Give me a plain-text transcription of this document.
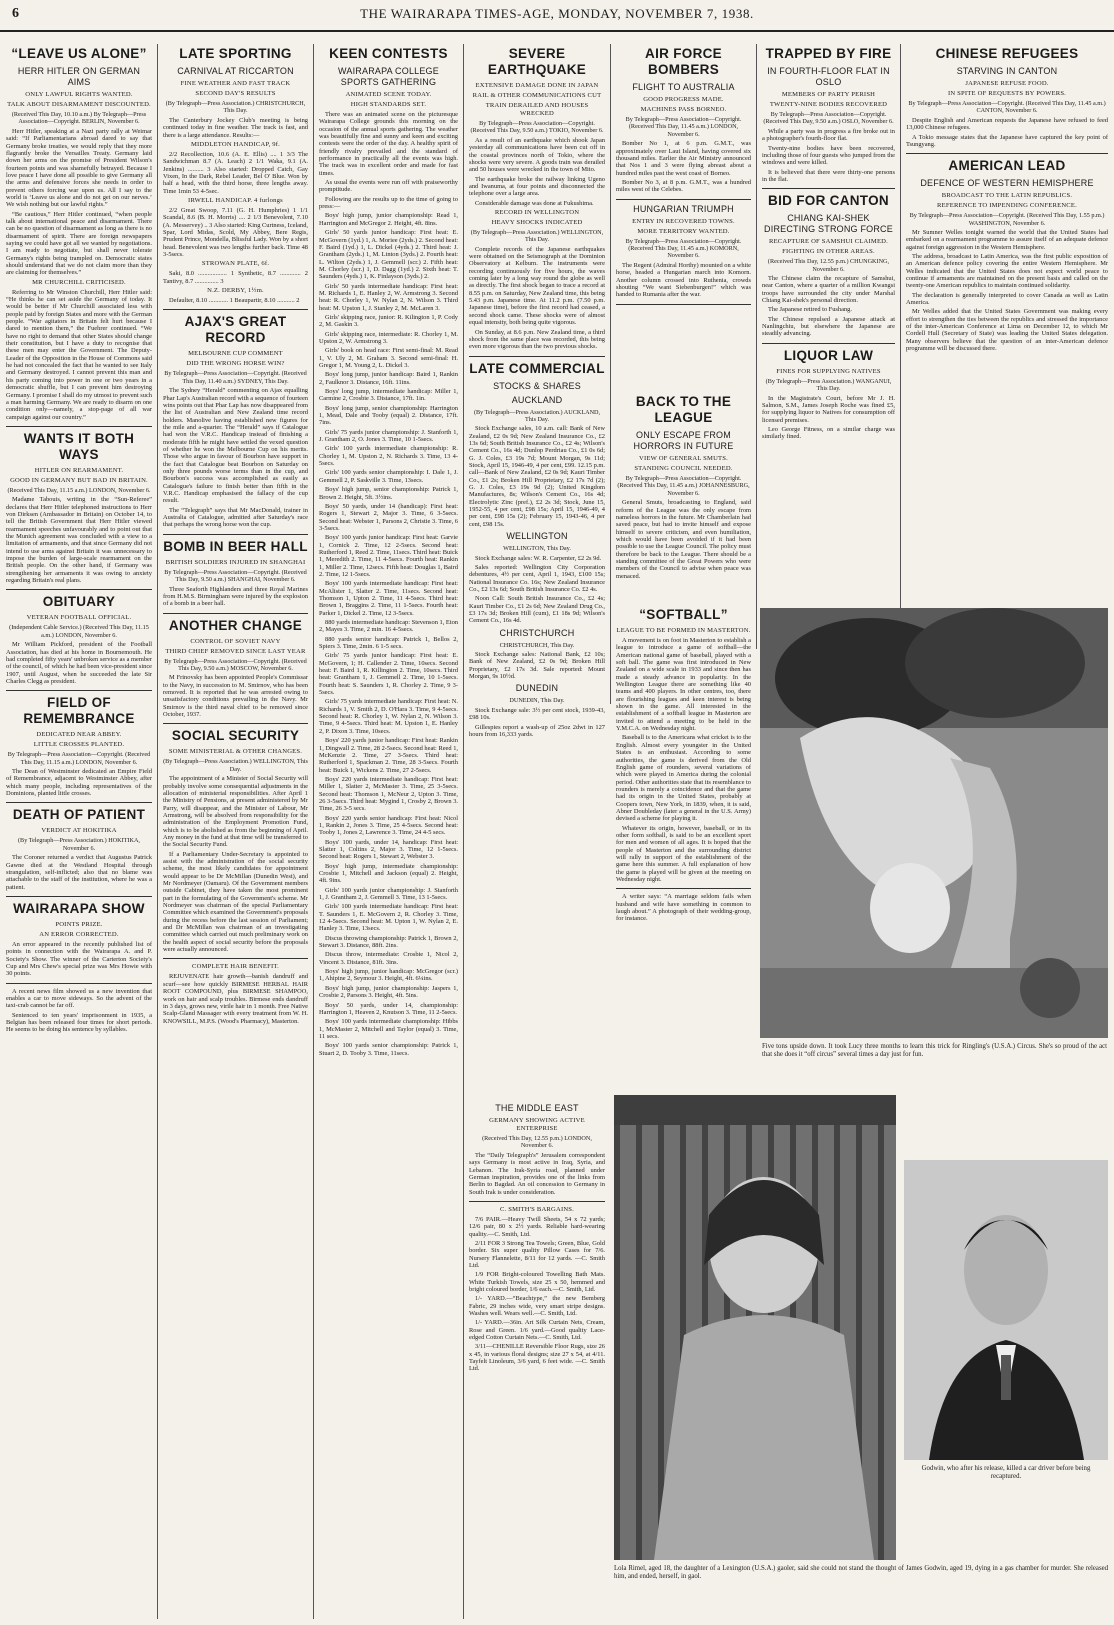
6	THE WAIRARAPA TIMES-AGE, MONDAY, NOVEMBER 7, 1938.
“LEAVE US ALONE”
HERR HITLER ON GERMAN AIMS
ONLY LAWFUL RIGHTS WANTED.
TALK ABOUT DISARMAMENT DISCOUNTED.
(Received This Day, 10.10 a.m.) By Telegraph—Press Association—Copyright. BERLIN, November 6.

Herr Hitler, speaking at a Nazi party rally at Weimar said: “If Parliamentarians abroad dared to say that Germany broke treaties, we would reply that they more flagrantly broke the Versailles Treaty. Germany laid down her arms on the promise of President Wilson's fourteen points and was shamefully betrayed. Because I love peace I have done all possible to give Germany all the arms and defensive forces she needs in order to prevent others forcing war upon us. All I say to the world is ‘Leave us alone and do not get on our nerves.’ We wish nothing but our lawful rights.”

“Be cautious,” Herr Hitler continued, “when people talk about international peace and disarmament. There can be no question of disarmament as long as there is no disarmament of spirit. There are foreign newspapers saying we could have got all we wanted by negotiations. I am ready to negotiate, but shall never tolerate Germany's rights being trampled on. Democratic states should understand that we do not claim more than they are claiming for themselves.”

MR CHURCHILL CRITICISED.

Referring to Mr Winston Churchill, Herr Hitler said: “He thinks he can set aside the Germany of today. It would be better if Mr Churchill associated less with people paid by foreign States and more with the German people. “War agitators in Britain felt hurt because I dared to mention them,” the Fuehrer continued. “We have no right to demand that other States should change their constitution, but I have a duty to recognise that these men may enter the Government. The Deputy-Leader of the Opposition in the House of Commons said he had not concealed the fact that he wanted to see Italy and Germany destroyed. I cannot prevent this man and his party coming into power in one or two years in a democratic shuffle, but I can prevent him destroying Germany. I promise I shall do my utmost to prevent such a man harming Germany. We are ready to disarm on one condition only—namely, a stop-page of all war campaign against our country.”

WANTS IT BOTH WAYS
HITLER ON REARMAMENT.
GOOD IN GERMANY BUT BAD IN BRITAIN.
(Received This Day, 11.15 a.m.) LONDON, November 6.

Madame Tabouis, writing in the “Sun-Referee” declares that Herr Hitler telephoned instructions to Herr von Dirksen (Ambassador in Britain) on October 14, to tell the British Government that Herr Hitler viewed rearmament speeches unfavourably and to point out that the Munich agreement was concluded with a view to a limitation of armaments, and that since Germany did not intend to use arms against Britain it was unnecessary to impose the burden of large-scale rearmament on the British people. On the other hand, if Germany was strengthening her armaments it was owing to anxiety regarding Britain's real plans.

OBITUARY
VETERAN FOOTBALL OFFICIAL.
(Independent Cable Service.) (Received This Day, 11.15 a.m.) LONDON, November 6.

Mr William Pickford, president of the Football Association, has died at his home in Bournemouth. He had completed fifty years' unbroken service as a member of the council, of which he had been vice-president since 1907, until August, when he succeeded the late Sir Charles Clegg as president.

FIELD OF REMEMBRANCE
DEDICATED NEAR ABBEY.
LITTLE CROSSES PLANTED.
By Telegraph—Press Association—Copyright. (Received This Day, 11.15 a.m.) LONDON, November 6.

The Dean of Westminster dedicated an Empire Field of Remembrance, adjacent to Westminster Abbey, after which many people, including representatives of the Dominions, planted little crosses.

DEATH OF PATIENT
VERDICT AT HOKITIKA
(By Telegraph—Press Association.) HOKITIKA, November 6.

The Coroner returned a verdict that Augustus Patrick Gawne died at the Westland Hospital through strangulation, self-inflicted; also that no blame was attachable to the staff of the institution, where he was a patient.

WAIRARAPA SHOW
POINTS PRIZE.
AN ERROR CORRECTED.

An error appeared in the recently published list of points in connection with the Wairarapa A. and P. Society's Show. The winner of the Carterton Society's Cup and Mrs Chew's special prize was Mrs Howie with 30 points.

A recent news film showed us a new invention that enables a car to move sideways. So the advent of the taxi-crab cannot be far off.

Sentenced to ten years' imprisonment in 1935, a Belgian has been released four times for short periods. He seems to be doing his sentence by syllables.

LATE SPORTING
CARNIVAL AT RICCARTON
FINE WEATHER AND FAST TRACK
SECOND DAY'S RESULTS
(By Telegraph—Press Association.) CHRISTCHURCH, This Day.

The Canterbury Jockey Club's meeting is being continued today in fine weather. The track is fast, and there is a large attendance. Results:—

MIDDLETON HANDICAP, 9f.

2/2 Recollection, 10.6 (A. E. Ellis) .... 1 3/3 The Sandwichman 8.7 (A. Leach) 2 1/1 Waka, 9.1 (A. Jenkins) .......... 3 Also started: Dropped Catch, Gay Vixen, In the Dark, Rebel Leader, Bel O' Blue. Won by half a head, with the third horse, three lengths away. Time 1min 53 4-5sec.

IRWELL HANDICAP. 4 furlongs

2/2 Great Swoop, 7.11 (G. H. Humphries) 1 1/1 Scandal, 8.6 (B. H. Morris) .... 2 1/3 Benevolent, 7.10 (A. Messervey) .. 3 Also started: King Curtness, Iceland, Spar, Lord Midas, Scold, My Abbey, Bere Regis, Prudent Prince, Mondella, Blissful Lady. Won by a short head. Benevolent was two lengths further back. Time 48 3-5secs.

STROWAN PLATE, 6f.

Saki, 8.0 .................. 1 Synthetic, 8.7 ............. 2 Tantivy, 8.7 ............... 3

N.Z. DERBY, 1½m.

Defaulter, 8.10 ............ 1 Beaupartir, 8.10 ........... 2

AJAX'S GREAT RECORD
MELBOURNE CUP COMMENT
DID THE WRONG HORSE WIN?
By Telegraph—Press Association—Copyright. (Received This Day, 11.40 a.m.) SYDNEY, This Day.

The Sydney “Herald” commenting on Ajax equalling Phar Lap's Australian record with a sequence of fourteen wins points out that Phar Lap has now disappeared from the list of Australian and New Zealand time record holders. Manolive having established new figures for the mile and a-quarter. The “Herald” says if Catalogue had won the V.R.C. Handicap instead of finishing a moderate fifth he might have settled the vexed question of whether he won the Melbourne Cup on his merits. Those who argue in favour of Bourbon have support in the fact that Catalogue beat Bourbon on Saturday on only three pounds worse terms than in the cup, and Bourbon's success was accomplished as easily as Catalogue's failure to finish better than fifth in the V.R.C. Handicap emphasised the fallacy of the cup result.

The “Telegraph” says that Mr MacDonald, trainer in Australia of Catalogue, admitted after Saturday's race that perhaps the wrong horse won the cup.

BOMB IN BEER HALL
BRITISH SOLDIERS INJURED IN SHANGHAI
By Telegraph—Press Association—Copyright. (Received This Day, 9.50 a.m.) SHANGHAI, November 6.

Three Seaforth Highlanders and three Royal Marines from H.M.S. Birmingham were injured by the explosion of a bomb in a beer hall.

ANOTHER CHANGE
CONTROL OF SOVIET NAVY
THIRD CHIEF REMOVED SINCE LAST YEAR
By Telegraph—Press Association—Copyright. (Received This Day, 9.50 a.m.) MOSCOW, November 6.

M Frinovsky has been appointed People's Commissar to the Navy, in succession to M. Smirnov, who has been removed. It is reported that he was arrested owing to unsatisfactory conditions prevailing in the Navy. Mr Smirnov is the third naval chief to be removed since October, 1937.

SOCIAL SECURITY
SOME MINISTERIAL & OTHER CHANGES.
(By Telegraph—Press Association.) WELLINGTON, This Day.

The appointment of a Minister of Social Security will probably involve some consequential adjustments in the allocation of ministerial responsibilities. After April 1 the Ministry of Pensions, at present administered by Mr Parry, will disappear, and the Minister of Labour, Mr Armstrong, will be absolved from responsibility for the administration of the Employment Promotion Fund, which is to be abolished as from the beginning of April. Any money in the fund at that time will be transferred to the Social Security Fund.

If a Parliamentary Under-Secretary is appointed to assist with the administration of the social security scheme, the most likely candidates for appointment would appear to be Dr McMillan (Dunedin West), and Mr Nordmeyer (Oamaru). Of the Government members outside Cabinet, they have taken the most prominent part in the formulating of the Government's scheme. Mr Nordmeyer was chairman of the special Parliamentary Committee which examined the Government's proposals during the recess before the last session of Parliament; and Dr McMillan was chairman of an investigating committee which carried out much preliminary work on the health aspect of social security before the proposals were actually announced.

COMPLETE HAIR BENEFIT.

REJUVENATE hair growth—banish dandruff and scurf—see how quickly BIRMESE HERBAL HAIR ROOT COMPOUND, plus BIRMESE SHAMPOO, work on hair and scalp troubles. Birmese ends dandruff in 3 days, grows new, virile hair in 1 month. Free Native Scalp-Gland Massager with every treatment from W. H. KNOWSILL, M.P.S. (Wood's Pharmacy), Masterton.

KEEN CONTESTS
WAIRARAPA COLLEGE SPORTS GATHERING
ANIMATED SCENE TODAY.
HIGH STANDARDS SET.

There was an animated scene on the picturesque Wairarapa College grounds this morning on the occasion of the annual sports gathering. The weather was beautifully fine and sunny and keen and exciting contests were the order of the day. A healthy spirit of friendly rivalry prevailed and the standard of performance in practically all the events was high. The track was in excellent order and made for fast times.

As usual the events were run off with praiseworthy promptitude.

Following are the results up to the time of going to press:—

Boys' high jump, junior championship: Read 1, Harrington and McGregor 2. Height, 4ft. 8ins.

Girls' 50 yards junior handicap: First heat: E. McGovern (1yd.) 1, A. Moriee (2yds.) 2. Second heat: F. Baird (1yd.) 1, L. Dickel (4yds.) 2. Third heat: J. Grantham (2yds.) 1, M. Linton (3yds.) 2. Fourth heat: L. Wilton (2yds.) 1, J. Gemmell (scr.) 2. Fifth heat: M. Chorley (scr.) 1, D. Dagg (1yd.) 2. Sixth heat: T. Saunders (4yds.) 1, K. Finlayson (3yds.) 2.

Girls' 50 yards intermediate handicap: First heat: M. Richards 1, E. Hanley 2, W. Armstrong 3. Second heat: R. Chorley 1, W. Nylan 2, N. Wilson 3. Third heat: M. Upston 1, J. Stanley 2, M. McLaren 3.

Girls' skipping race, junior: R. Kilington 1, P. Cody 2, M. Gaskin 3.

Girls' skipping race, intermediate: R. Chorley 1, M. Upston 2, W. Armstrong 3.

Girls' book on head race: First semi-final: M. Read 1, V. Uly 2, M. Graham 3. Second semi-final: H. Gregor 1, M. Young 2, L. Dickel 3.

Boys' long jump, junior handicap: Baird 1, Rankin 2, Faulknor 3. Distance, 16ft. 11ins.

Boys' long jump, intermediate handicap: Miller 1, Carmine 2, Crosbie 3. Distance, 17ft. 1in.

Boys' long jump, senior championship: Harrington 1, Mead, Dale and Tooby (equal) 2. Distance, 17ft. 7ins.

Girls' 75 yards junior championship: J. Stanforth 1, J. Grantham 2, O. Jones 3. Time, 10 1-5secs.

Girls' 100 yards intermediate championship: R. Chorley 1, M. Upston 2, N. Richards 3. Time, 13 4-5secs.

Girls' 100 yards senior championship: I. Dale 1, J. Gemmell 2, P. Saskville 3. Time, 13secs.

Boys' high jump, senior championship: Patrick 1, Brown 2. Height, 5ft. 3½ins.

Boys' 50 yards, under 14 (handicap): First heat: Rogers 1, Stewart 2, Major 3. Time, 6 3-5secs. Second heat: Webster 1, Parsons 2, Christie 3. Time, 6 3-5secs.

Boys' 100 yards junior handicap: First heat: Garvie 1, Cornick 2. Time, 12 2-5secs. Second heat: Rutherford 1, Reed 2. Time, 11secs. Third heat: Buick 1, Meredith 2. Time, 11 4-5secs. Fourth heat: Rankin 1, Miller 2. Time, 12secs. Fifth heat: Douglas 1, Baird 2. Time, 12 1-5secs.

Boys' 100 yards intermediate handicap: First heat: McAlister 1, Slatter 2. Time, 11secs. Second heat: Thomson 1, Upton 2. Time, 11 4-5secs. Third heat: Brown 1, Braggins 2. Time, 11 1-5secs. Fourth heat: Parker 1, Dickel 2. Time, 12 3-5secs.

880 yards intermediate handicap: Stevenson 1, Eton 2, Mayes 3. Time, 2 min. 16 4-5secs.

880 yards senior handicap: Patrick 1, Bellos 2, Spiers 3. Time, 2min. 6 1-5 secs.

Girls' 75 yards junior handicap: First heat: E. McGovern, 1; H. Callender 2. Time, 10secs. Second heat: F. Baird 1, R. Killington 2. Time, 10secs. Third heat: Grantham 1, J. Gemmell 2. Time, 10 1-5secs. Fourth heat: S. Saunders 1, R. Chorley 2. Time, 9 3-5secs.

Girls' 75 yards intermediate handicap: First heat: N. Richards 1, V. Smith 2, D. O'Hara 3. Time, 9 4-5secs. Second heat: R. Chorley 1, W. Nylan 2, N. Wilson 3. Time, 9 4-5secs. Third heat: M. Upston 1, E. Hanley 2, P. Dixon 3. Time, 10secs.

Boys' 220 yards junior handicap: First heat: Rankin 1, Dingwall 2. Time, 28 2-5secs. Second heat: Reed 1, McKenzie 2. Time, 27 3-5secs. Third heat: Rutherford 1, Spackman 2. Time, 28 3-5secs. Fourth heat: Buick 1, Wickens 2. Time, 27 2-5secs.

Boys' 220 yards intermediate handicap: First heat: Miller 1, Slatter 2, McMaster 3. Time, 25 3-5secs. Second heat: Thomson 1, McNeur 2, Upton 3. Time, 26 3-5secs. Third heat: Mygind 1, Crosby 2, Brown 3. Time, 26 3-5 secs.

Boys' 220 yards senior handicap: First heat: Nicol 1, Rankin 2, Jones 3. Time, 25 4-5secs. Second heat: Tooby 1, Jones 2, Lawrence 3. Time, 24 4-5 secs.

Boys' 100 yards, under 14, handicap: First heat: Slatter 1, Coltins 2, Major 3. Time, 12 1-5secs. Second heat: Rogers 1, Stewart 2, Webster 3.

Boys' high jump, intermediate championship: Crosbie 1, Mitchell and Jackson (equal) 2. Height, 4ft. 9ins.

Girls' 100 yards junior championship: J. Stanforth 1, J. Grantham 2, J. Gemmell 3. Time, 13 1-5secs.

Girls' 100 yards intermediate handicap: First heat: T. Saunders 1, E. McGovern 2, R. Chorley 3. Time, 12 4-5secs. Second heat: M. Upton 1, W. Nylan 2, E. Hanley 3. Time, 13secs.

Discus throwing championship: Patrick 1, Brown 2, Stewart 3. Distance, 88ft. 2ins.

Discus throw, intermediate: Crosbie 1, Nicol 2, Vincent 3. Distance, 81ft. 3ins.

Boys' high jump, junior handicap: McGregor (scr.) 1, Ahipine 2, Seymour 3. Height, 4ft. 6¼ins.

Boys' high jump, junior championship: Jaspers 1, Crosbie 2, Parsons 3. Height, 4ft. 5ins.

Boys' 50 yards, under 14, championship: Harrington 1, Heaven 2, Knutson 3. Time, 11 2-5secs.

Boys' 100 yards intermediate championship: Hibbs 1, McMaster 2, Mitchell and Taylor (equal) 3. Time, 11 secs.

Boys' 100 yards senior championship: Patrick 1, Stuart 2, D. Tooby 3. Time, 11secs.

SEVERE EARTHQUAKE
EXTENSIVE DAMAGE DONE IN JAPAN
RAIL & OTHER COMMUNICATIONS CUT
TRAIN DERAILED AND HOUSES WRECKED
By Telegraph—Press Association—Copyright. (Received This Day, 9.50 a.m.) TOKIO, November 6.

As a result of an earthquake which shook Japan yesterday all communications have been cut off in the coastal provinces north of Tokio, where the shocks were very severe. A goods train was derailed and 50 houses were wrecked in the town of Mito.

The earthquake broke the railway linking Ugeno and Iwanuma, at four points and disconnected the telephone over a large area.

Considerable damage was done at Fukushima.

RECORD IN WELLINGTON
HEAVY SHOCKS INDICATED
(By Telegraph—Press Association.) WELLINGTON, This Day.

Complete records of the Japanese earthquakes were obtained on the Seismograph at the Dominion Observatory at Kelburn. The instruments were recording continuously for five hours, the waves coming later by a long way round the globe as well as directly. The first shock began to trace a record at 8.55 p.m. on Saturday, New Zealand time, this being 5.43 p.m. Japanese time. At 11.2 p.m. (7.50 p.m. Japanese time), before the first record had ceased, a second shock came. These shocks were of almost equal intensity, both being quite vigorous.

On Sunday, at 8.6 p.m. New Zealand time, a third shock from the same place was recorded, this being even more vigorous than the two previous shocks.

LATE COMMERCIAL
STOCKS & SHARES
AUCKLAND
(By Telegraph—Press Association.) AUCKLAND, This Day.

Stock Exchange sales, 10 a.m. call: Bank of New Zealand, £2 0s 9d; New Zealand Insurance Co., £2 13s 6d; South British Insurance Co., £2 4s; Wilson's Cement Co., 16s 4d; Dunlop Perdriau Co., £1 0s 6d; G. J. Coles, £3 19s 7d; Mount Morgan, 9s 11d; Stock, April 15, 1946-49, 4 per cent, £99. 12.15 p.m. call—Bank of New Zealand, £2 0s 9d; Kauri Timber Co., £1 2s; Broken Hill Proprietary, £2 17s 7d (2); G. J. Coles, £3 19s 9d (2); United Kingdom Manufactures, 8s; Wilson's Cement Co., 16s 4d; Electrolytic Zinc (pref.), £2 2s 3d; Stock, June 15, 1952-55, 4 per cent, £98 15s; April 15, 1946-49, 4 per cent, £98 15s (2); February 15, 1943-46, 4 per cent, £98 15s.

WELLINGTON
WELLINGTON, This Day.

Stock Exchange sales: W. R. Carpenter, £2 2s 9d.

Sales reported: Wellington City Corporation debentures, 4½ per cent, April 1, 1943, £100 15s; National Insurance Co. 16s; New Zealand Insurance Co., £2 13s 6d; South British Insurance Co. £2 4s.

Noon Call: South British Insurance Co., £2 4s; Kauri Timber Co., £1 2s 6d; New Zealand Drug Co., £3 17s 3d; Broken Hill (cum), £1 18s 9d; Wilson's Cement Co., 16s 4d.

CHRISTCHURCH
CHRISTCHURCH, This Day.

Stock Exchange sales: National Bank, £2 10s; Bank of New Zealand, £2 0s 9d; Broken Hill Proprietary, £2 17s 3d. Sale reported: Mount Morgan, 9s 10½d.

DUNEDIN
DUNEDIN, This Day.

Stock Exchange sale: 3½ per cent stock, 1939-43, £98 10s.

Gillespies report a wash-up of 25oz 2dwt in 127 hours from 16,333 yards.

AIR FORCE BOMBERS
FLIGHT TO AUSTRALIA
GOOD PROGRESS MADE.
MACHINES PASS BORNEO.
By Telegraph—Press Association—Copyright. (Received This Day, 11.45 a.m.) LONDON, November 6.

Bomber No 1, at 6 p.m. G.M.T., was approximately over Laut Island, having covered six thousand miles. Earlier the Air Ministry announced that Nos 1 and 3 were flying abreast about a hundred miles past the west coast of Borneo.

Bomber No 3, at 8 p.m. G.M.T., was a hundred miles west of the Celebes.

HUNGARIAN TRIUMPH
ENTRY IN RECOVERED TOWNS.
MORE TERRITORY WANTED.
By Telegraph—Press Association—Copyright. (Received This Day, 11.45 a.m.) KOMORN, November 6.

The Regent (Admiral Horthy) mounted on a white horse, headed a Hungarian march into Komorn. Another column crossed into Ruthenia, crowds shouting “We want Siebenburgen!” which was handed to Rumania after the war.

BACK TO THE LEAGUE
ONLY ESCAPE FROM HORRORS IN FUTURE
VIEW OF GENERAL SMUTS.
STANDING COUNCIL NEEDED.
By Telegraph—Press Association—Copyright. (Received This Day, 11.45 a.m.) JOHANNESBURG, November 6.

General Smuts, broadcasting to England, said reform of the League was the only escape from nameless horrors in the future. Mr Chamberlain had saved peace, but had to invite himself and expose himself to severe criticism, and even humiliation, which would have been avoided if it had been possible to use the League Council. The policy must therefore be back to the League. There should be a standing committee of the Great Powers who were members of the Council to advise when peace was menaced.

TRAPPED BY FIRE
IN FOURTH-FLOOR FLAT IN OSLO
MEMBERS OF PARTY PERISH
TWENTY-NINE BODIES RECOVERED
By Telegraph—Press Association—Copyright. (Received This Day, 9.50 a.m.) OSLO, November 6.

While a party was in progress a fire broke out in a photographer's fourth-floor flat.

Twenty-nine bodies have been recovered, including those of four guests who jumped from the windows and were killed.

It is believed that there were thirty-one persons in the flat.

BID FOR CANTON
CHIANG KAI-SHEK DIRECTING STRONG FORCE
RECAPTURE OF SAMSHUI CLAIMED.
FIGHTING IN OTHER AREAS.
(Received This Day, 12.55 p.m.) CHUNGKING, November 6.

The Chinese claim the recapture of Samshui, near Canton, where a quarter of a million Kwangsi troops have surrounded the city under Marshal Chiang Kai-shek's personal direction.

The Japanese retired to Fushang.

The Chinese repulsed a Japanese attack at Nanlingchiu, but elsewhere the Japanese are steadily advancing.

LIQUOR LAW
FINES FOR SUPPLYING NATIVES
(By Telegraph—Press Association.) WANGANUI, This Day.

In the Magistrate's Court, before Mr J. H. Salmon, S.M., James Joseph Roche was fined £5, for supplying liquor to Natives for consumption off licensed premises.

Leo George Fitness, on a similar charge was similarly fined.

CHINESE REFUGEES
STARVING IN CANTON
JAPANESE REFUSE FOOD.
IN SPITE OF REQUESTS BY POWERS.
By Telegraph—Press Association—Copyright. (Received This Day, 11.45 a.m.) CANTON, November 6.

Despite English and American requests the Japanese have refused to feed 13,000 Chinese refugees.

A Tokio message states that the Japanese have captured the key point of Tsungyang.

AMERICAN LEAD
DEFENCE OF WESTERN HEMISPHERE
BROADCAST TO THE LATIN REPUBLICS.
REFERENCE TO IMPENDING CONFERENCE.
By Telegraph—Press Association—Copyright. (Received This Day, 1.55 p.m.) WASHINGTON, November 6.

Mr Sumner Welles tonight warned the world that the United States had embarked on a rearmament programme to assure itself of an adequate defence against foreign aggression in the Western Hemisphere.

The address, broadcast to Latin America, was the first public exposition of an American defence policy covering the entire Western Hemisphere. Mr Welles indicated that the United States does not expect world peace to continue if armaments are maintained on the present basis and called on the twenty-one American republics to maintain continued solidarity.

The declaration is generally interpreted to cover Canada as well as Latin America.

Mr Welles added that the United States Government was making every effort to strengthen the ties between the republics and stressed the importance of the inter-American Conference at Lima on December 12, to which Mr Cordell Hull (Secretary of State) was leading the United States delegation. Many observers believe that the question of an inter-American defence programme will be discussed there.

“SOFTBALL”
LEAGUE TO BE FORMED IN MASTERTON.

A movement is on foot in Masterton to establish a league to introduce a game of softball—the American national game of baseball, played with a soft ball. The game was first introduced in New Zealand on a wide scale in 1933 and since then has made a steady advance in popularity. In the Wellington League there are something like 40 teams and 400 players. In other centres, too, there are flourishing leagues and keen interest is being shown in the game. All interested in the establishment of a softball league in Masterton are invited to attend a meeting to be held in the Y.M.C.A. on Wednesday night.

Baseball is to the Americans what cricket is to the English. Almost every youngster in the United States is an enthusiast. According to some authorities, the game is derived from the Old English game of rounders, several variations of which were played in America during the colonial period. Other authorities state that its resemblance to rounders is merely a coincidence and that the game had its origin in the United States, probably at Coopers town, New York, in 1839, when, it is said, Abner Doubleday (later a general in the U.S. Army) devised a scheme for playing it.

Whatever its origin, however, baseball, or in its other form softball, is said to be an excellent sport for men and women of all ages. It is hoped that the people of Masterton and the surrounding district will rally in support of the establishment of the game here this summer. A full explanation of how the game is played will be given at the meeting on Wednesday night.

A writer says: “A marriage seldom fails when husband and wife have something in common to laugh about.” A photograph of their wedding-group, for instance.

THE MIDDLE EAST
GERMANY SHOWING ACTIVE ENTERPRISE
(Received This Day, 12.55 p.m.) LONDON, November 6.

The “Daily Telegraph's” Jerusalem correspondent says Germany is most active in Iraq, Syria, and Lebanon. The Irak-Syria road, planned under German inspiration, provides one of the links from Berlin to Bagdad. An oil concession to Germany in South Irak is under consideration.

C. SMITH'S BARGAINS.

7/6 PAIR.—Heavy Twill Sheets, 54 x 72 yards; 12/6 pair, 80 x 2½ yards. Reliable hard-wearing quality.—C. Smith, Ltd.

2/11 FOR 3 Strong Tea Towels; Green, Blue, Gold border. Six super quality Pillow Cases for 7/6. Nursery Flannelette, 8/11 for 12 yards. —C. Smith Ltd.

1/9 FOR Bright-coloured Towelling Bath Mats. White Turkish Towels, size 25 x 50, hemmed and bright coloured border, 1/6 each.—C. Smith, Ltd.

1/- YARD.—“Beachtype,” the new Bemberg Fabric, 29 inches wide, very smart stripe designs. Washes well. Wears well.—C. Smith, Ltd.

1/- YARD.—36in. Art Silk Curtain Nets, Cream, Rose and Green. 1/6 yard.—Good quality Lace-edged Cotton Curtain Nets.—C. Smith, Ltd.

3/11—CHENILLE Reversible Floor Rugs, size 26 x 45, in various floral designs; size 27 x 54, at 4/11. Tayfelt Linoleum, 3/6 yard, 6 feet wide. —C. Smith Ltd.

Five tons upside down. It took Lucy three months to learn this trick for Ringling's (U.S.A.) Circus. She's so proud of the act that she does it “off circus” several times a day just for fun.
Godwin, who after his release, killed a car driver before being recaptured.
Lola Rimel, aged 18, the daughter of a Lexington (U.S.A.) gaoler, said she could not stand the thought of James Godwin, aged 19, dying in a gas chamber for murder. She released him, and ended, herself, in gaol.
